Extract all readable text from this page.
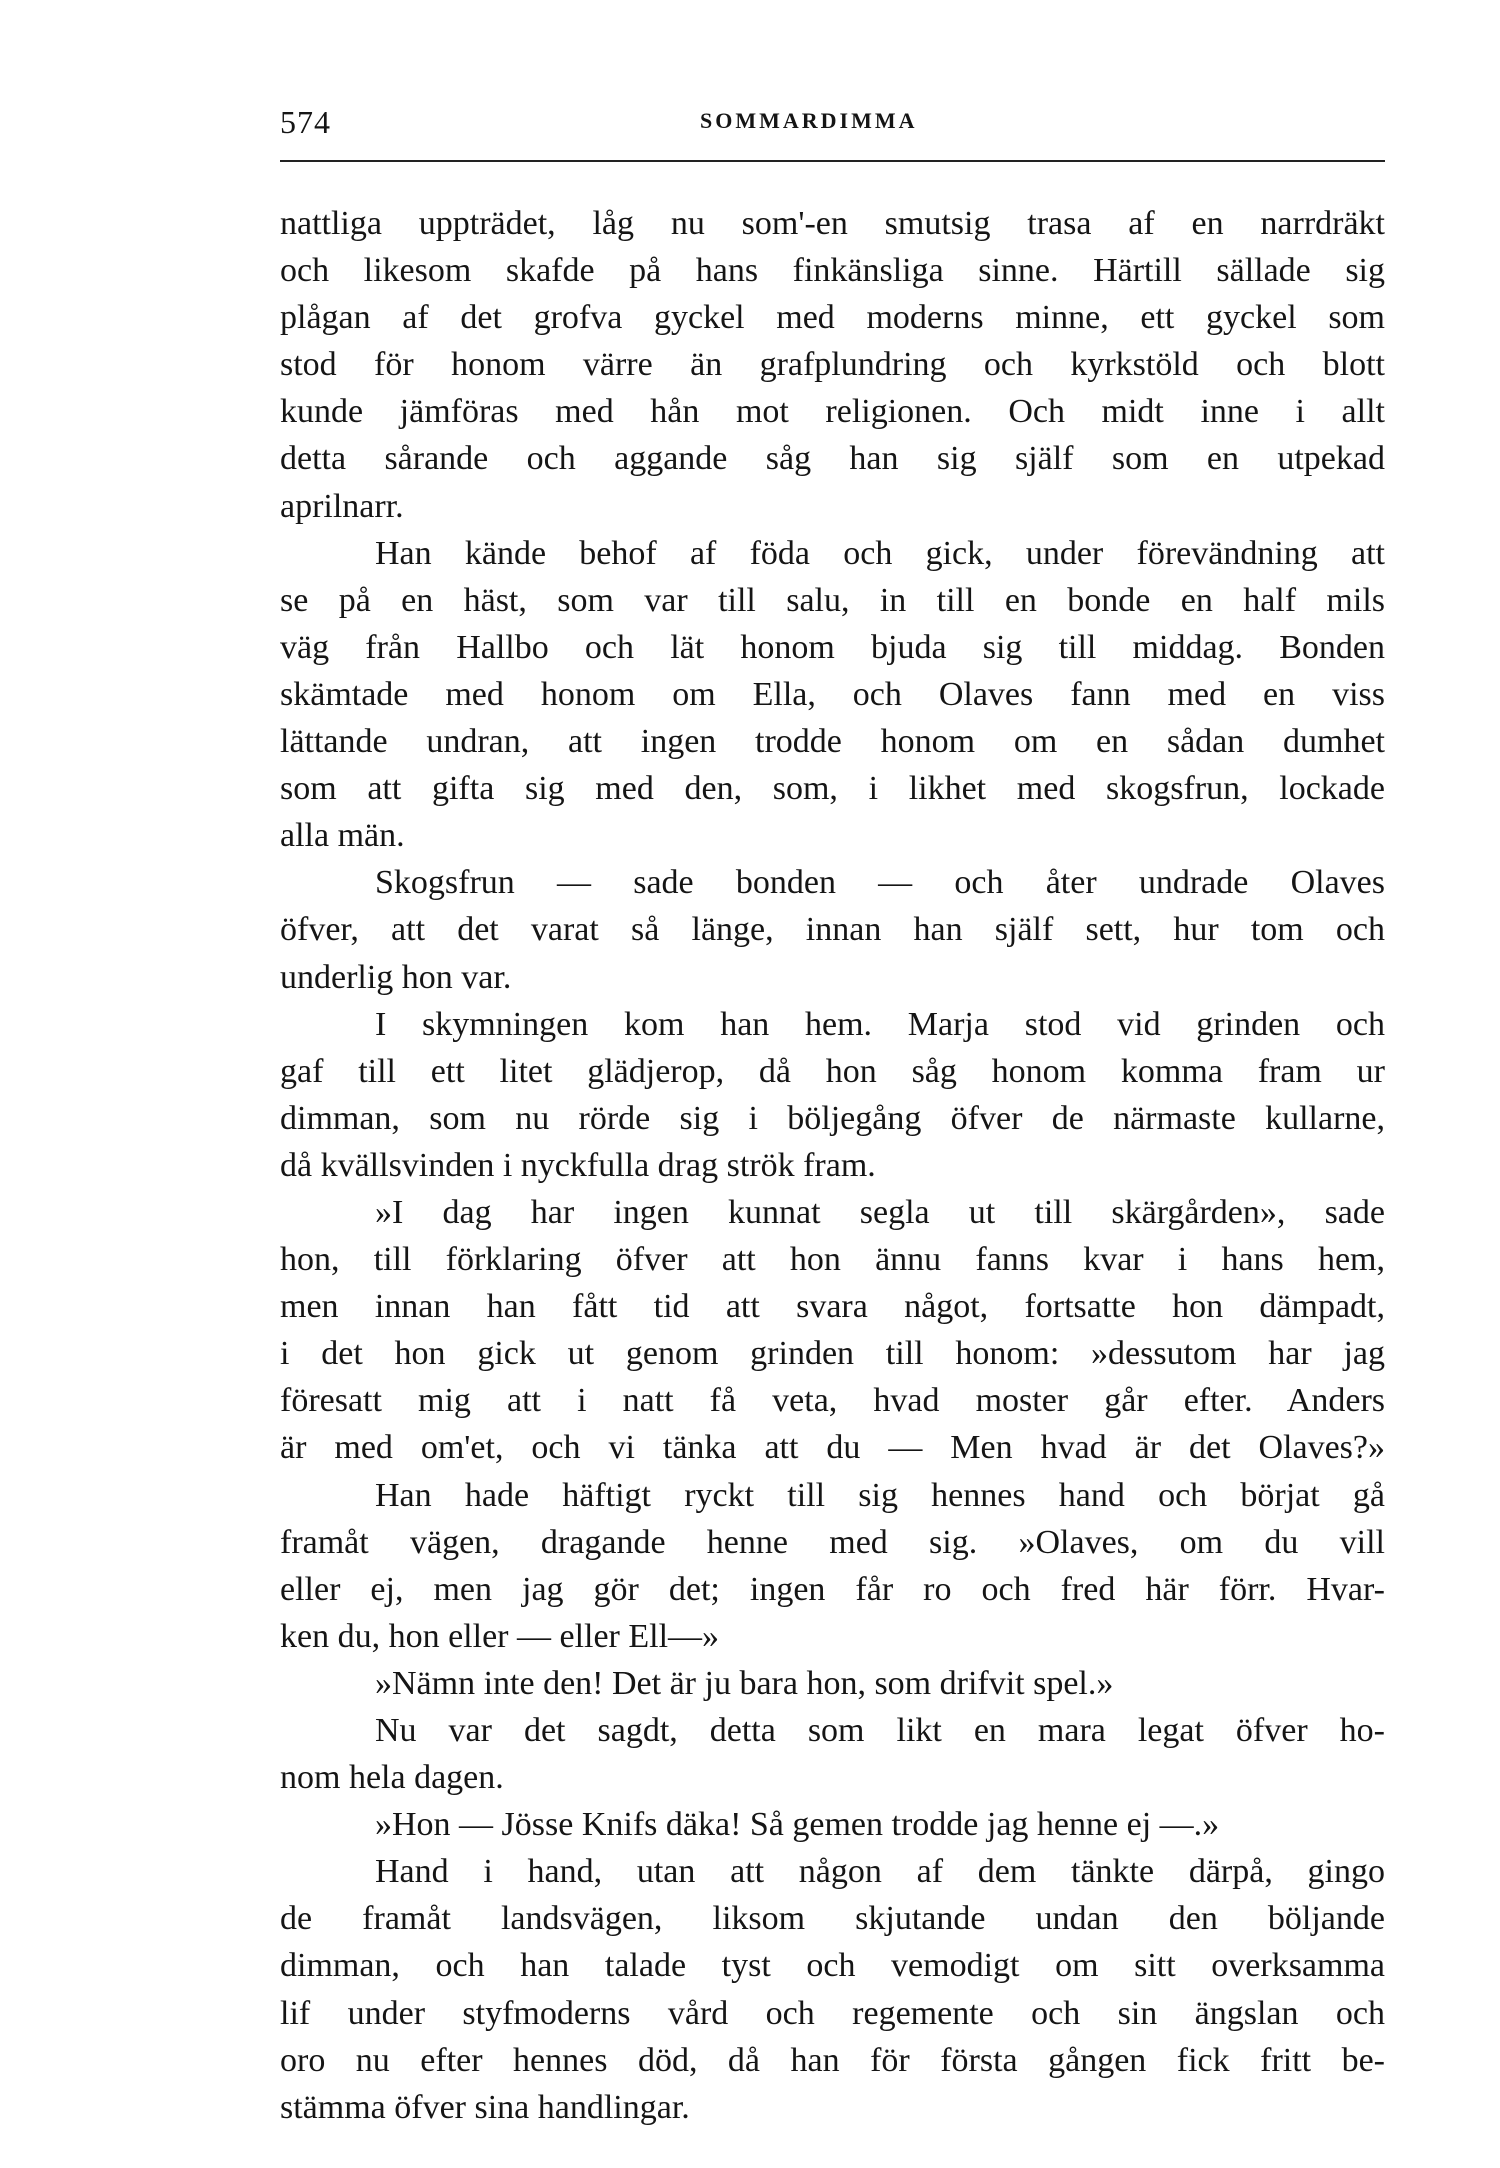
574	SOMMARDIMMA
nattliga uppträdet, låg nu som'-en smutsig trasa af en narrdräkt
och likesom skafde på hans finkänsliga sinne. Härtill sällade sig
plågan af det grofva gyckel med moderns minne, ett gyckel som
stod för honom värre än grafplundring och kyrkstöld och blott
kunde jämföras med hån mot religionen. Och midt inne i allt
detta sårande och aggande såg han sig själf som en utpekad
aprilnarr.
Han kände behof af föda och gick, under förevändning att
se på en häst, som var till salu, in till en bonde en half mils
väg från Hallbo och lät honom bjuda sig till middag. Bonden
skämtade med honom om Ella, och Olaves fann med en viss
lättande undran, att ingen trodde honom om en sådan dumhet
som att gifta sig med den, som, i likhet med skogsfrun, lockade
alla män.
Skogsfrun — sade bonden — och åter undrade Olaves
öfver, att det varat så länge, innan han själf sett, hur tom och
underlig hon var.
I skymningen kom han hem. Marja stod vid grinden och
gaf till ett litet glädjerop, då hon såg honom komma fram ur
dimman, som nu rörde sig i böljegång öfver de närmaste kullarne,
då kvällsvinden i nyckfulla drag strök fram.
»I dag har ingen kunnat segla ut till skärgården», sade
hon, till förklaring öfver att hon ännu fanns kvar i hans hem,
men innan han fått tid att svara något, fortsatte hon dämpadt,
i det hon gick ut genom grinden till honom: »dessutom har jag
föresatt mig att i natt få veta, hvad moster går efter. Anders
är med om'et, och vi tänka att du — Men hvad är det Olaves?»
Han hade häftigt ryckt till sig hennes hand och börjat gå
framåt vägen, dragande henne med sig. »Olaves, om du vill
eller ej, men jag gör det; ingen får ro och fred här förr. Hvar-
ken du, hon eller — eller Ell—»
»Nämn inte den! Det är ju bara hon, som drifvit spel.»
Nu var det sagdt, detta som likt en mara legat öfver ho-
nom hela dagen.
»Hon — Jösse Knifs däka! Så gemen trodde jag henne ej —.»
Hand i hand, utan att någon af dem tänkte därpå, gingo
de framåt landsvägen, liksom skjutande undan den böljande
dimman, och han talade tyst och vemodigt om sitt overksamma
lif under styfmoderns vård och regemente och sin ängslan och
oro nu efter hennes död, då han för första gången fick fritt be-
stämma öfver sina handlingar.
